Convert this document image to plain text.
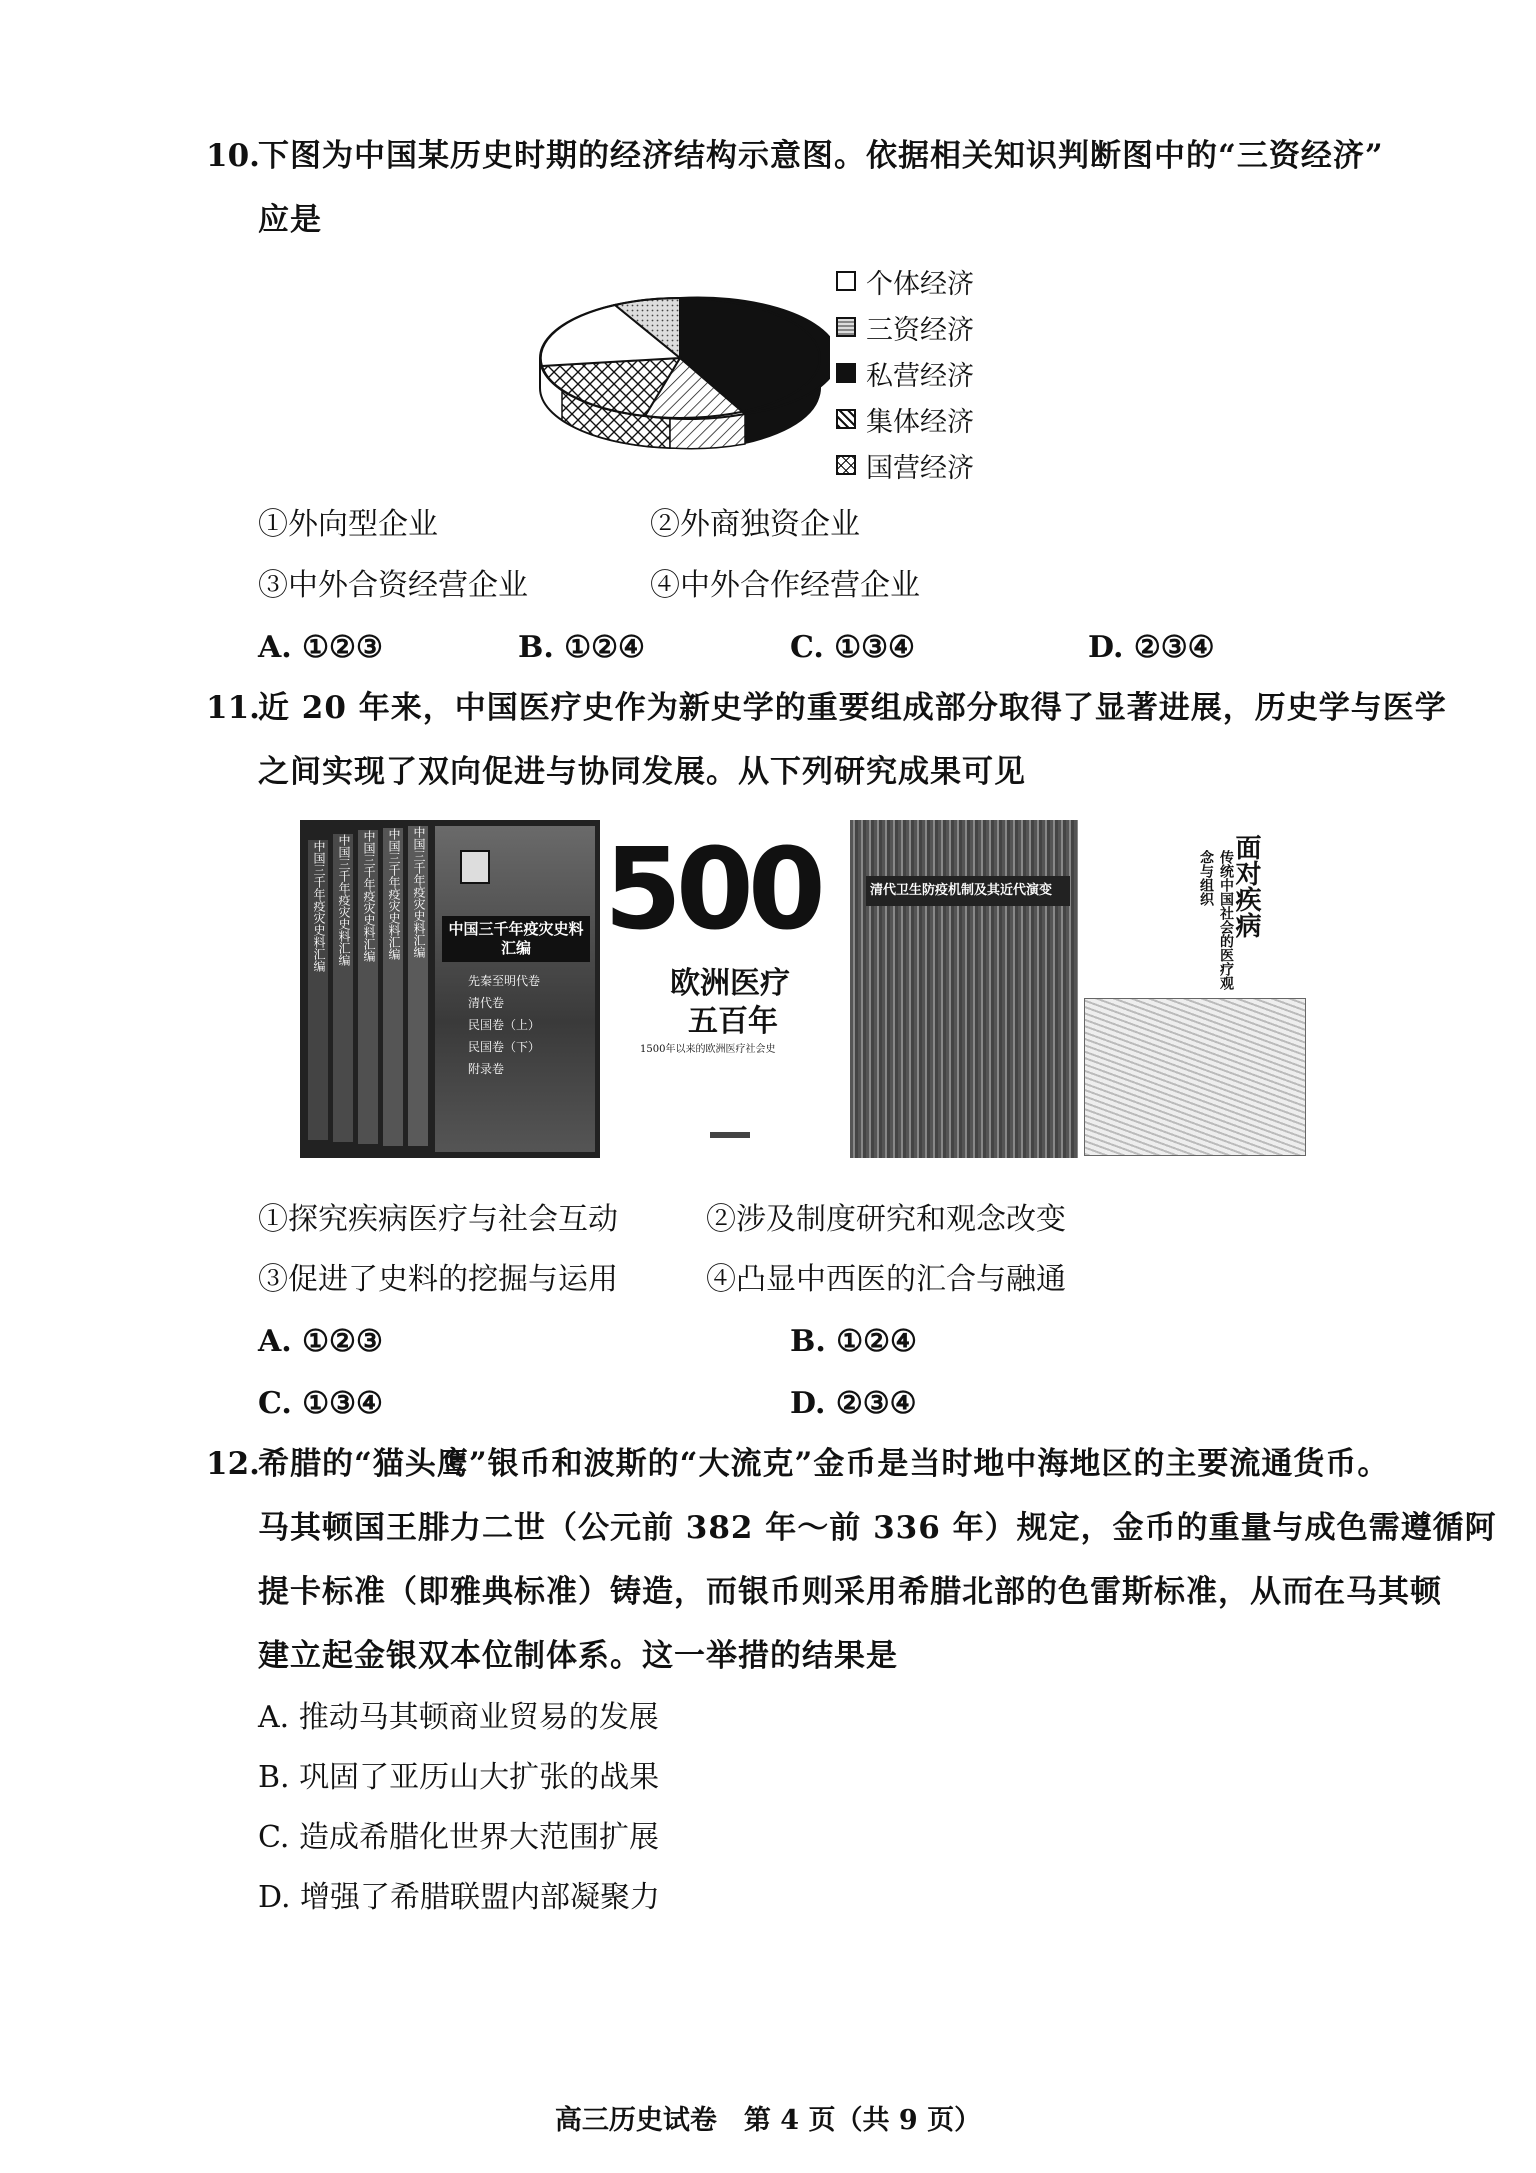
10.
下图为中国某历史时期的经济结构示意图。依据相关知识判断图中的“三资经济”
应是
个体经济
三资经济
私营经济
集体经济
国营经济
①外向型企业	②外商独资企业
③中外合资经营企业	④中外合作经营企业
A. ①②③	B. ①②④	C. ①③④	D. ②③④
11.
近 20 年来，中国医疗史作为新史学的重要组成部分取得了显著进展，历史学与医学
之间实现了双向促进与协同发展。从下列研究成果可见
中国三千年疫灾史料汇编
先秦至明代卷
清代卷
民国卷（上）
民国卷（下）
附录卷
中国三千年疫灾史料汇编 中国三千年疫灾史料汇编 中国三千年疫灾史料汇编 中国三千年疫灾史料汇编 中国三千年疫灾史料汇编 500
欧洲医疗
五百年
1500年以来的欧洲医疗社会史
清代卫生防疫机制及其近代演变	面对疾病
传统中国社会的医疗观念与组织
①探究疾病医疗与社会互动	②涉及制度研究和观念改变
③促进了史料的挖掘与运用	④凸显中西医的汇合与融通
A. ①②③	B. ①②④
C. ①③④	D. ②③④
12.
希腊的“猫头鹰”银币和波斯的“大流克”金币是当时地中海地区的主要流通货币。
马其顿国王腓力二世（公元前 382 年～前 336 年）规定，金币的重量与成色需遵循阿
提卡标准（即雅典标准）铸造，而银币则采用希腊北部的色雷斯标准，从而在马其顿
建立起金银双本位制体系。这一举措的结果是
A. 推动马其顿商业贸易的发展
B. 巩固了亚历山大扩张的战果
C. 造成希腊化世界大范围扩展
D. 增强了希腊联盟内部凝聚力
高三历史试卷　第 4 页（共 9 页）
